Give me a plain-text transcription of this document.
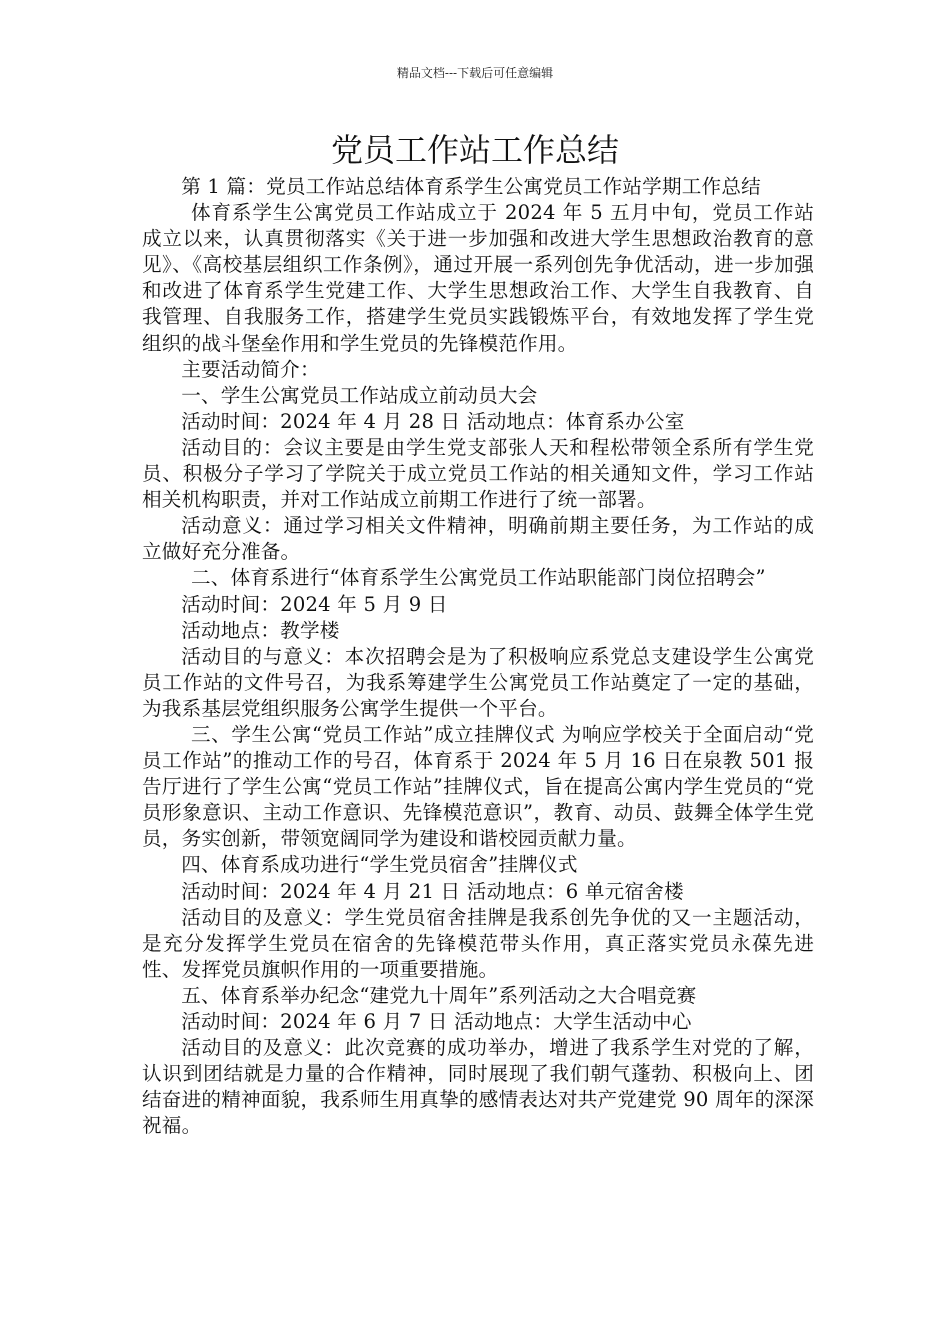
精品文档---下载后可任意编辑
党员工作站工作总结

第 1 篇：党员工作站总结体育系学生公寓党员工作站学期工作总结

体育系学生公寓党员工作站成立于 2024 年 5 五月中旬，党员工作站成立以来，认真贯彻落实《关于进一步加强和改进大学生思想政治教育的意见》、《高校基层组织工作条例》，通过开展一系列创先争优活动，进一步加强和改进了体育系学生党建工作、大学生思想政治工作、大学生自我教育、自我管理、自我服务工作，搭建学生党员实践锻炼平台，有效地发挥了学生党组织的战斗堡垒作用和学生党员的先锋模范作用。

主要活动简介：

一、学生公寓党员工作站成立前动员大会

活动时间：2024 年 4 月 28 日 活动地点：体育系办公室

活动目的：会议主要是由学生党支部张人天和程松带领全系所有学生党员、积极分子学习了学院关于成立党员工作站的相关通知文件，学习工作站相关机构职责，并对工作站成立前期工作进行了统一部署。

活动意义：通过学习相关文件精神，明确前期主要任务，为工作站的成立做好充分准备。

二、体育系进行“体育系学生公寓党员工作站职能部门岗位招聘会”

活动时间：2024 年 5 月 9 日

活动地点：教学楼

活动目的与意义：本次招聘会是为了积极响应系党总支建设学生公寓党员工作站的文件号召，为我系筹建学生公寓党员工作站奠定了一定的基础，为我系基层党组织服务公寓学生提供一个平台。

三、学生公寓“党员工作站”成立挂牌仪式 为响应学校关于全面启动“党员工作站”的推动工作的号召，体育系于 2024 年 5 月 16 日在泉教 501 报告厅进行了学生公寓“党员工作站”挂牌仪式，旨在提高公寓内学生党员的“党员形象意识、主动工作意识、先锋模范意识”，教育、动员、鼓舞全体学生党员，务实创新，带领宽阔同学为建设和谐校园贡献力量。

四、体育系成功进行“学生党员宿舍”挂牌仪式

活动时间：2024 年 4 月 21 日 活动地点：6 单元宿舍楼

活动目的及意义：学生党员宿舍挂牌是我系创先争优的又一主题活动，是充分发挥学生党员在宿舍的先锋模范带头作用，真正落实党员永葆先进性、发挥党员旗帜作用的一项重要措施。

五、体育系举办纪念“建党九十周年”系列活动之大合唱竞赛

活动时间：2024 年 6 月 7 日 活动地点：大学生活动中心

活动目的及意义：此次竞赛的成功举办，增进了我系学生对党的了解，认识到团结就是力量的合作精神，同时展现了我们朝气蓬勃、积极向上、团结奋进的精神面貌，我系师生用真挚的感情表达对共产党建党 90 周年的深深祝福。
